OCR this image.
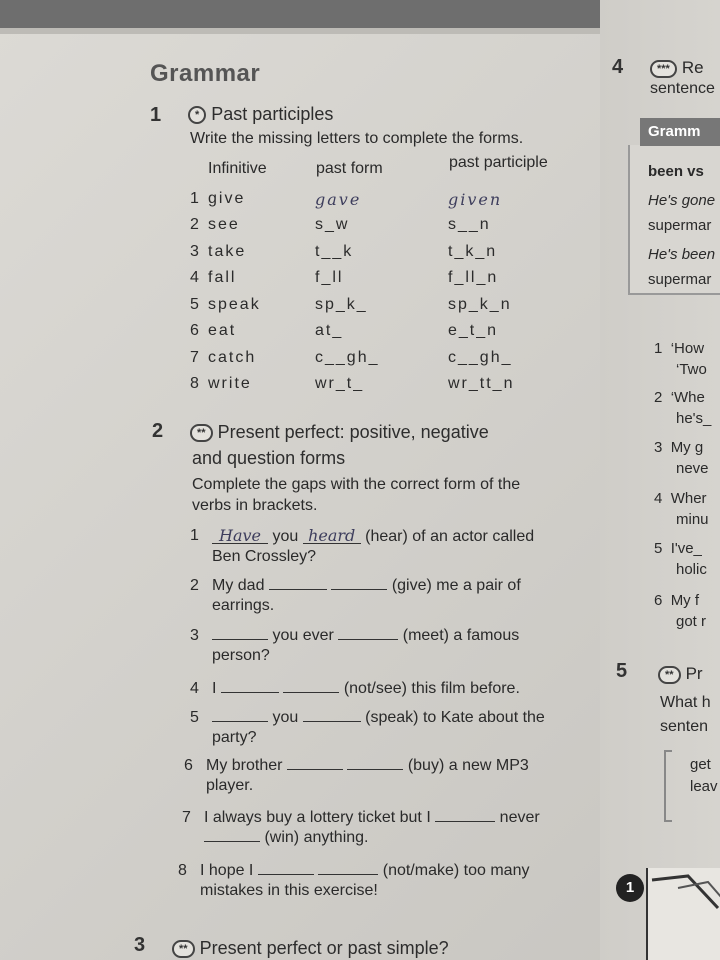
Grammar
1	* Past participles
Write the missing letters to complete the forms.
Infinitive	past form	past participle
1 give	gave	given
2 see	s_w	s__n
3 take	t__k	t_k_n
4 fall	f_ll	f_ll_n
5 speak	sp_k_	sp_k_n
6 eat	at_	e_t_n
7 catch	c__gh_	c__gh_
8 write	wr_t_	wr_tt_n
2	** Present perfect: positive, negative
and question forms
Complete the gaps with the correct form of the
verbs in brackets.
1 Have you heard (hear) of an actor called
Ben Crossley?
2 My dad	(give) me a pair of
earrings.
3	you ever	(meet) a famous
person?
4 I	(not/see) this film before.
5	you	(speak) to Kate about the
party?
6 My brother	(buy) a new MP3
player.
7 I always buy a lottery ticket but I	never
(win) anything.
8 I hope I	(not/make) too many
mistakes in this exercise!
3	** Present perfect or past simple?
4	*** Re
sentence
Gramm
been vs
He's gone
supermar
He's been
supermar
1 ‘How
‘Two
2 ‘Whe
he's_
3 My g
neve
4 Wher
minu
5 I've_
holic
6 My f
got r
5	** Pr
What h
senten
get
leav
1
